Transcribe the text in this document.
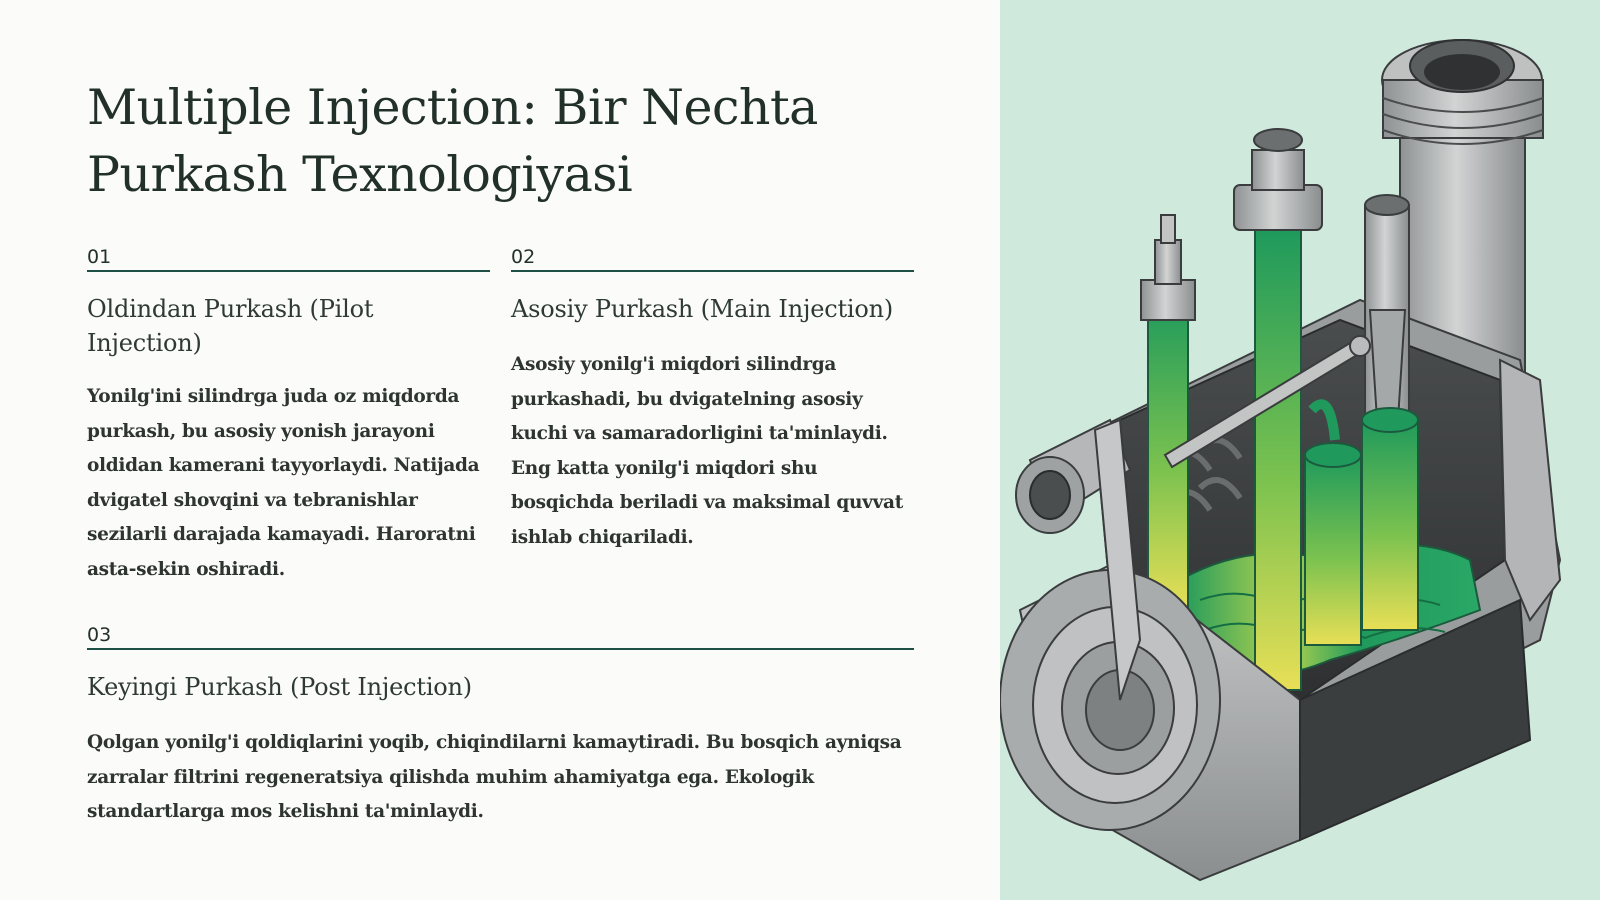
Multiple Injection: Bir Nechta Purkash Texnologiyasi
01
Oldindan Purkash (Pilot Injection)

Yonilg'ini silindrga juda oz miqdorda purkash, bu asosiy yonish jarayoni oldidan kamerani tayyorlaydi. Natijada dvigatel shovqini va tebranishlar sezilarli darajada kamayadi. Haroratni asta-sekin oshiradi.

02
Asosiy Purkash (Main Injection)

Asosiy yonilg'i miqdori silindrga purkashadi, bu dvigatelning asosiy kuchi va samaradorligini ta'minlaydi. Eng katta yonilg'i miqdori shu bosqichda beriladi va maksimal quvvat ishlab chiqariladi.

03
Keyingi Purkash (Post Injection)

Qolgan yonilg'i qoldiqlarini yoqib, chiqindilarni kamaytiradi. Bu bosqich ayniqsa zarralar filtrini regeneratsiya qilishda muhim ahamiyatga ega. Ekologik standartlarga mos kelishni ta'minlaydi.
